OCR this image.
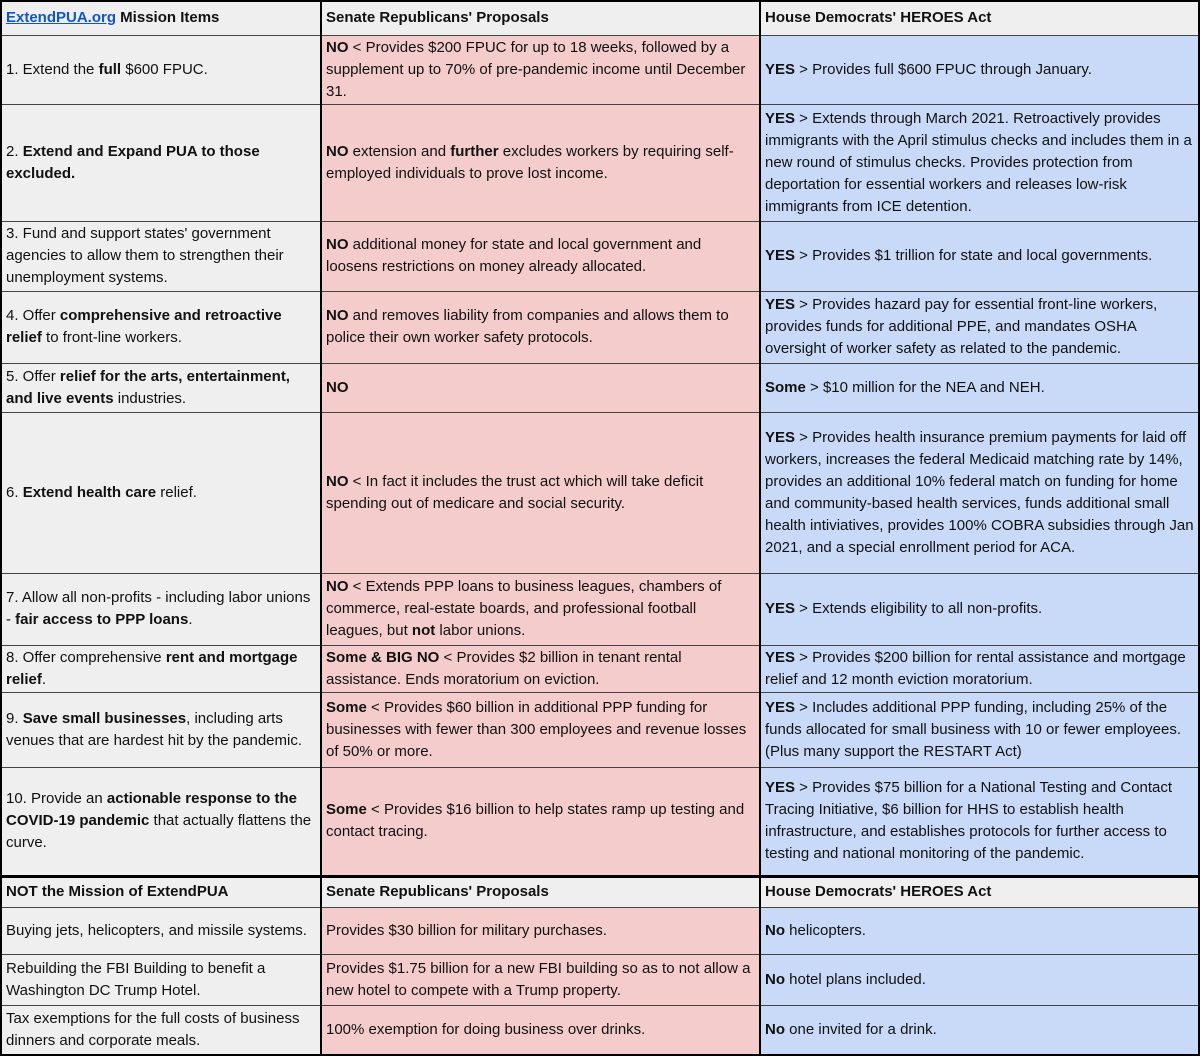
ExtendPUA.org Mission Items	Senate Republicans' Proposals	House Democrats' HEROES Act

1. Extend the full $600 FPUC.	NO < Provides $200 FPUC for up to 18 weeks, followed by a supplement up to 70% of pre-pandemic income until December 31.	YES > Provides full $600 FPUC through January.

2. Extend and Expand PUA to those excluded.	NO extension and further excludes workers by requiring self-employed individuals to prove lost income.	YES > Extends through March 2021. Retroactively provides immigrants with the April stimulus checks and includes them in a new round of stimulus checks. Provides protection from deportation for essential workers and releases low-risk immigrants from ICE detention.

3. Fund and support states' government agencies to allow them to strengthen their unemployment systems.	NO additional money for state and local government and loosens restrictions on money already allocated.	YES > Provides $1 trillion for state and local governments.

4. Offer comprehensive and retroactive relief to front-line workers.	NO and removes liability from companies and allows them to police their own worker safety protocols.	YES > Provides hazard pay for essential front-line workers, provides funds for additional PPE, and mandates OSHA oversight of worker safety as related to the pandemic.

5. Offer relief for the arts, entertainment, and live events industries.	NO	Some > $10 million for the NEA and NEH.

6. Extend health care relief.	NO < In fact it includes the trust act which will take deficit spending out of medicare and social security.	YES > Provides health insurance premium payments for laid off workers, increases the federal Medicaid matching rate by 14%, provides an additional 10% federal match on funding for home and community-based health services, funds additional small health intiviatives, provides 100% COBRA subsidies through Jan 2021, and a special enrollment period for ACA.

7. Allow all non-profits - including labor unions - fair access to PPP loans.	NO < Extends PPP loans to business leagues, chambers of commerce, real-estate boards, and professional football leagues, but not labor unions.	YES > Extends eligibility to all non-profits.

8. Offer comprehensive rent and mortgage relief.	Some & BIG NO < Provides $2 billion in tenant rental assistance. Ends moratorium on eviction.	YES > Provides $200 billion for rental assistance and mortgage relief and 12 month eviction moratorium.

9. Save small businesses, including arts venues that are hardest hit by the pandemic.	Some < Provides $60 billion in additional PPP funding for businesses with fewer than 300 employees and revenue losses of 50% or more.	YES > Includes additional PPP funding, including 25% of the funds allocated for small business with 10 or fewer employees. (Plus many support the RESTART Act)

10. Provide an actionable response to the COVID-19 pandemic that actually flattens the curve.	Some < Provides $16 billion to help states ramp up testing and contact tracing.	YES > Provides $75 billion for a National Testing and Contact Tracing Initiative, $6 billion for HHS to establish health infrastructure, and establishes protocols for further access to testing and national monitoring of the pandemic.

NOT the Mission of ExtendPUA	Senate Republicans' Proposals	House Democrats' HEROES Act

Buying jets, helicopters, and missile systems.	Provides $30 billion for military purchases.	No helicopters.

Rebuilding the FBI Building to benefit a Washington DC Trump Hotel.	Provides $1.75 billion for a new FBI building so as to not allow a new hotel to compete with a Trump property.	No hotel plans included.

Tax exemptions for the full costs of business dinners and corporate meals.	100% exemption for doing business over drinks.	No one invited for a drink.
